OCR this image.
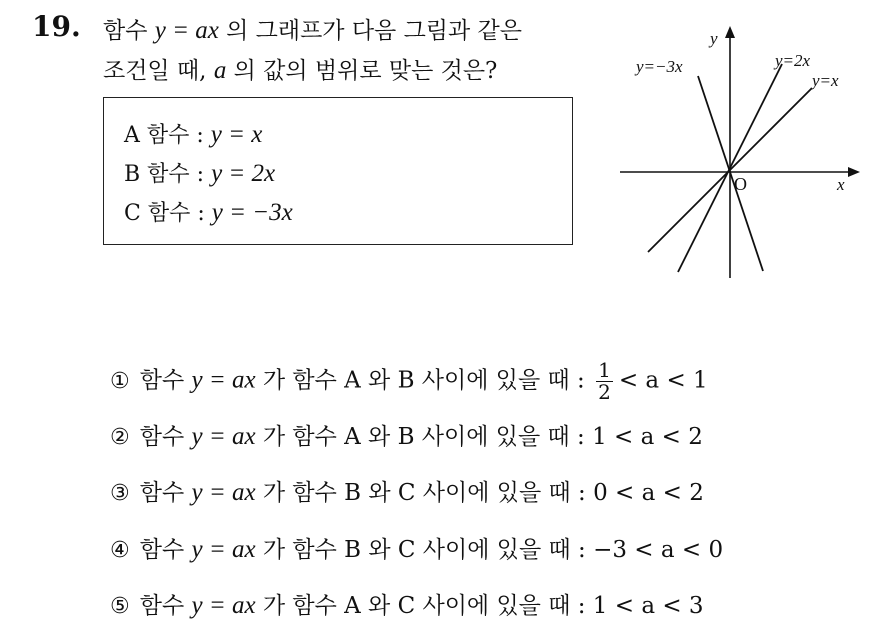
19. 함수 y = ax 의 그래프가 다음 그림과 같은
조건일 때, a 의 값의 범위로 맞는 것은?
A 함수 : y = x
B 함수 : y = 2x
C 함수 : y = −3x
y
x
O
y=−3x	y=2x
y=x
① 함수 y = ax 가 함수 A 와 B 사이에 있을 때 : $\frac{1}{2} < a < 1$
② 함수 y = ax 가 함수 A 와 B 사이에 있을 때 : 1 < a < 2
③ 함수 y = ax 가 함수 B 와 C 사이에 있을 때 : 0 < a < 2
④ 함수 y = ax 가 함수 B 와 C 사이에 있을 때 : −3 < a < 0
⑤ 함수 y = ax 가 함수 A 와 C 사이에 있을 때 : 1 < a < 3
